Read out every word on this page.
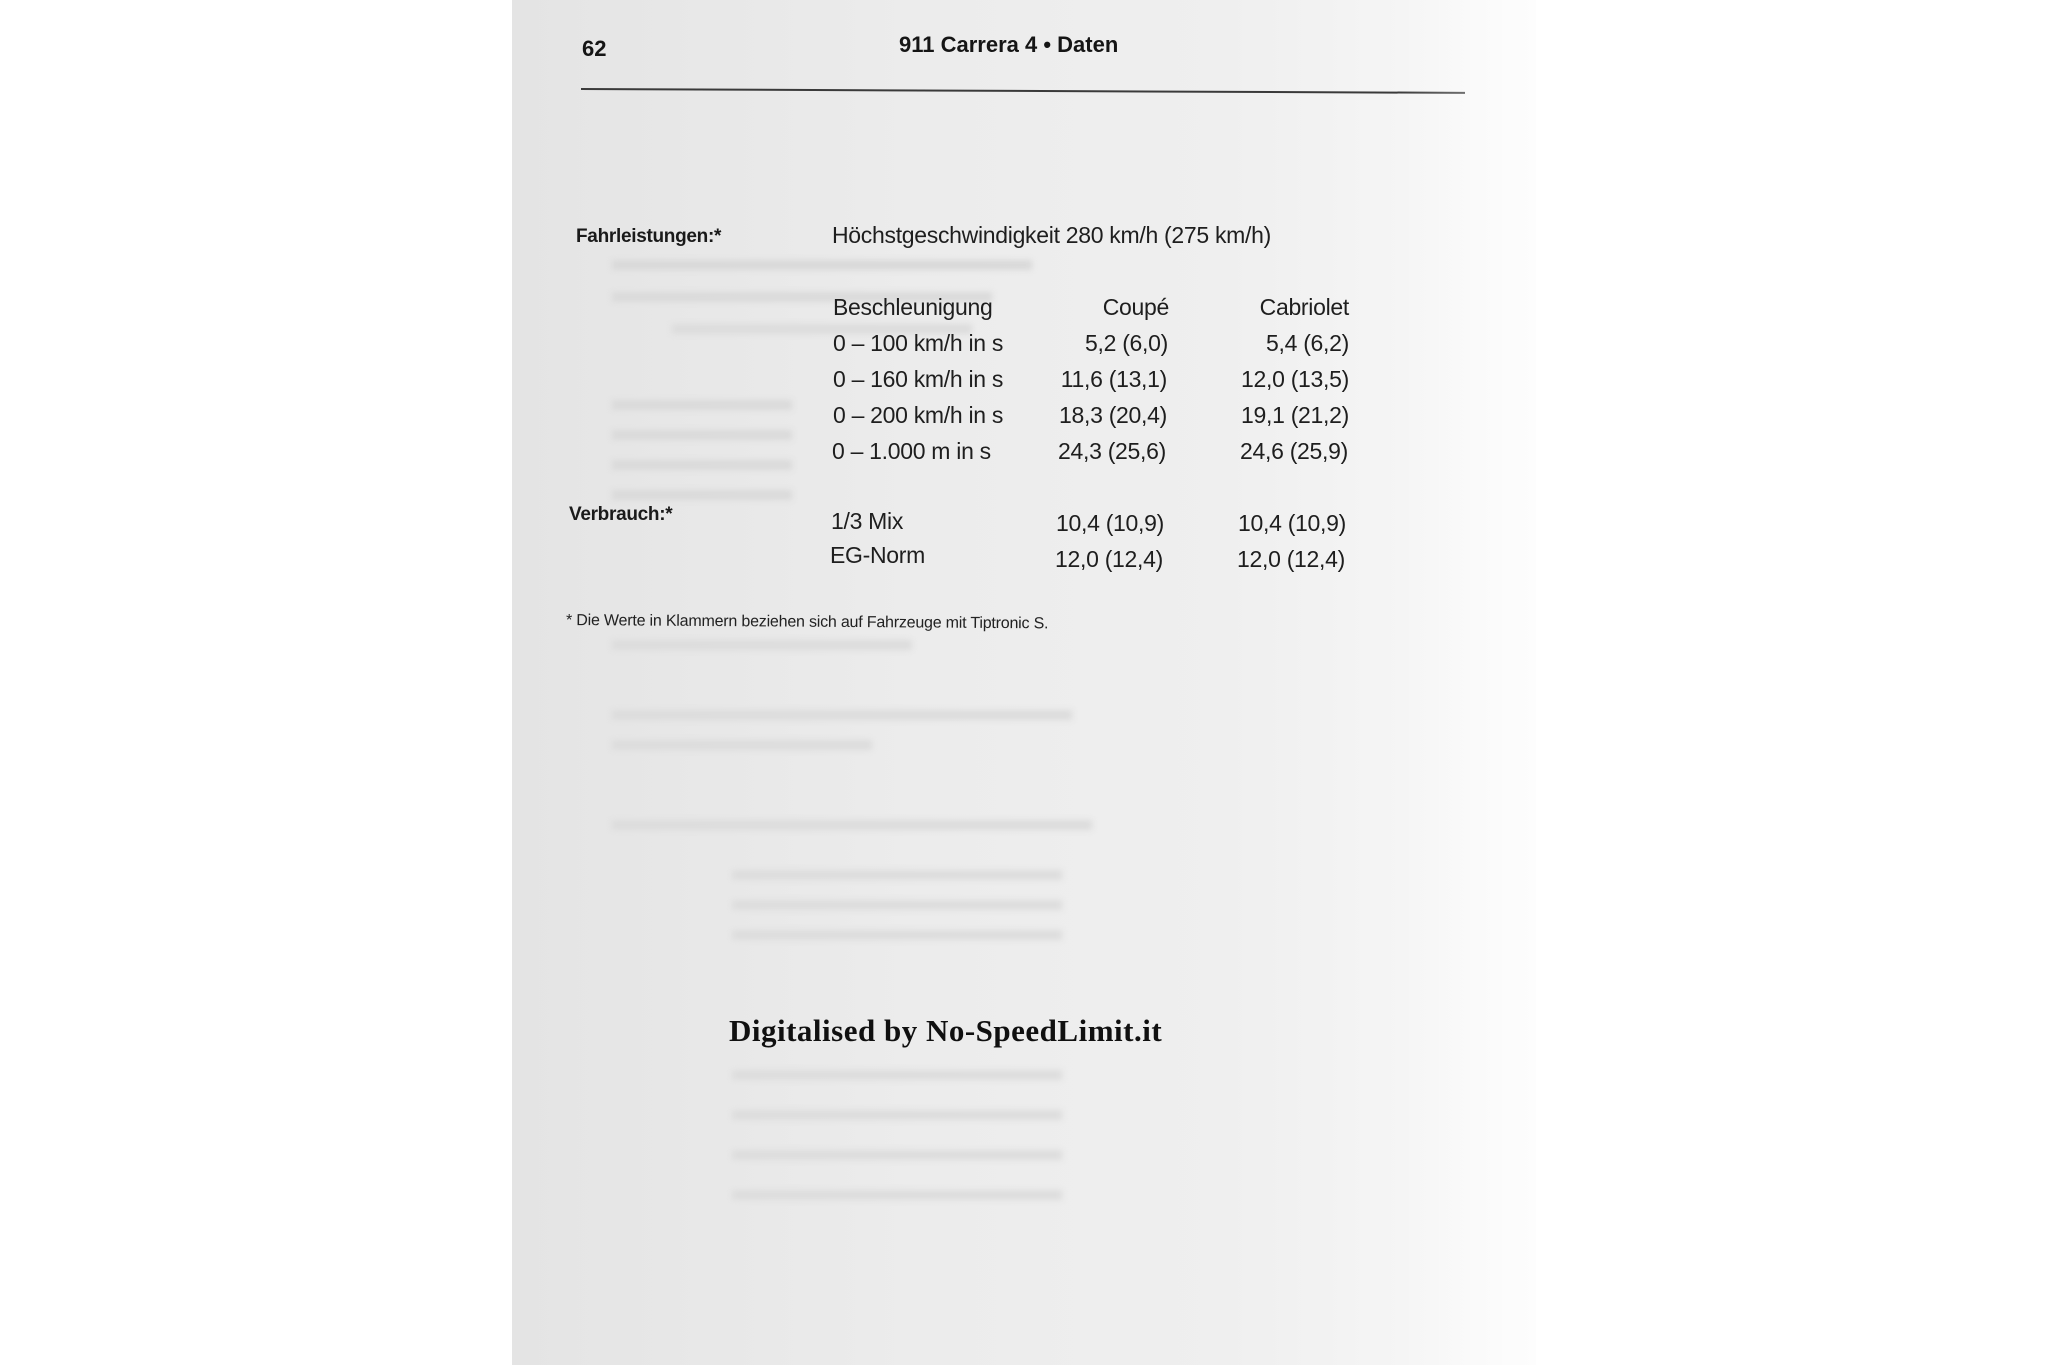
62	911 Carrera 4 • Daten
Fahrleistungen:*	Höchstgeschwindigkeit 280 km/h (275 km/h)
Beschleunigung	Coupé	Cabriolet
0 – 100 km/h in s	5,2 (6,0)	5,4 (6,2)
0 – 160 km/h in s	11,6 (13,1)	12,0 (13,5)
0 – 200 km/h in s	18,3 (20,4)	19,1 (21,2)
0 – 1.000 m in s	24,3 (25,6)	24,6 (25,9)
Verbrauch:*	1/3 Mix	10,4 (10,9)	10,4 (10,9)
EG-Norm	12,0 (12,4)	12,0 (12,4)
* Die Werte in Klammern beziehen sich auf Fahrzeuge mit Tiptronic S.
Digitalised by No-SpeedLimit.it
